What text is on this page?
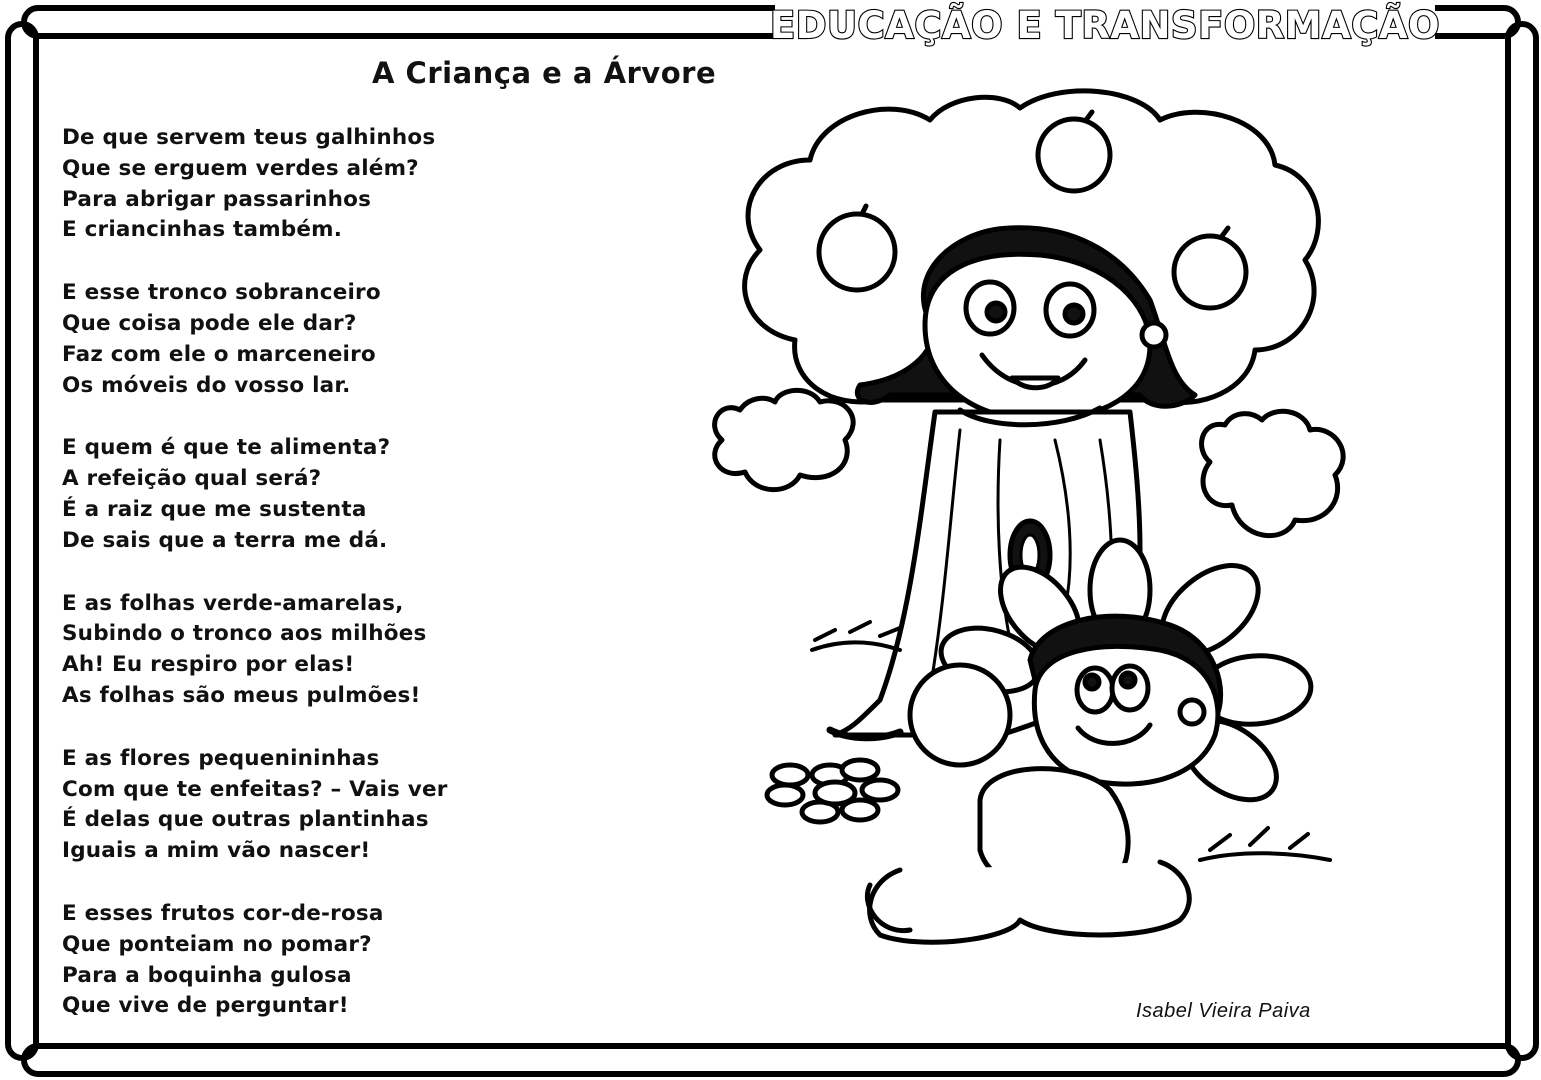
EDUCAÇÃO E TRANSFORMAÇÃO
A Criança e a Árvore
De que servem teus galhinhos
Que se erguem verdes além?
Para abrigar passarinhos
E criancinhas também.
E esse tronco sobranceiro
Que coisa pode ele dar?
Faz com ele o marceneiro
Os móveis do vosso lar.
E quem é que te alimenta?
A refeição qual será?
É a raiz que me sustenta
De sais que a terra me dá.
E as folhas verde-amarelas,
Subindo o tronco aos milhões
Ah! Eu respiro por elas!
As folhas são meus pulmões!
E as flores pequenininhas
Com que te enfeitas? – Vais ver
É delas que outras plantinhas
Iguais a mim vão nascer!
E esses frutos cor-de-rosa
Que ponteiam no pomar?
Para a boquinha gulosa
Que vive de perguntar!	Isabel Vieira Paiva
